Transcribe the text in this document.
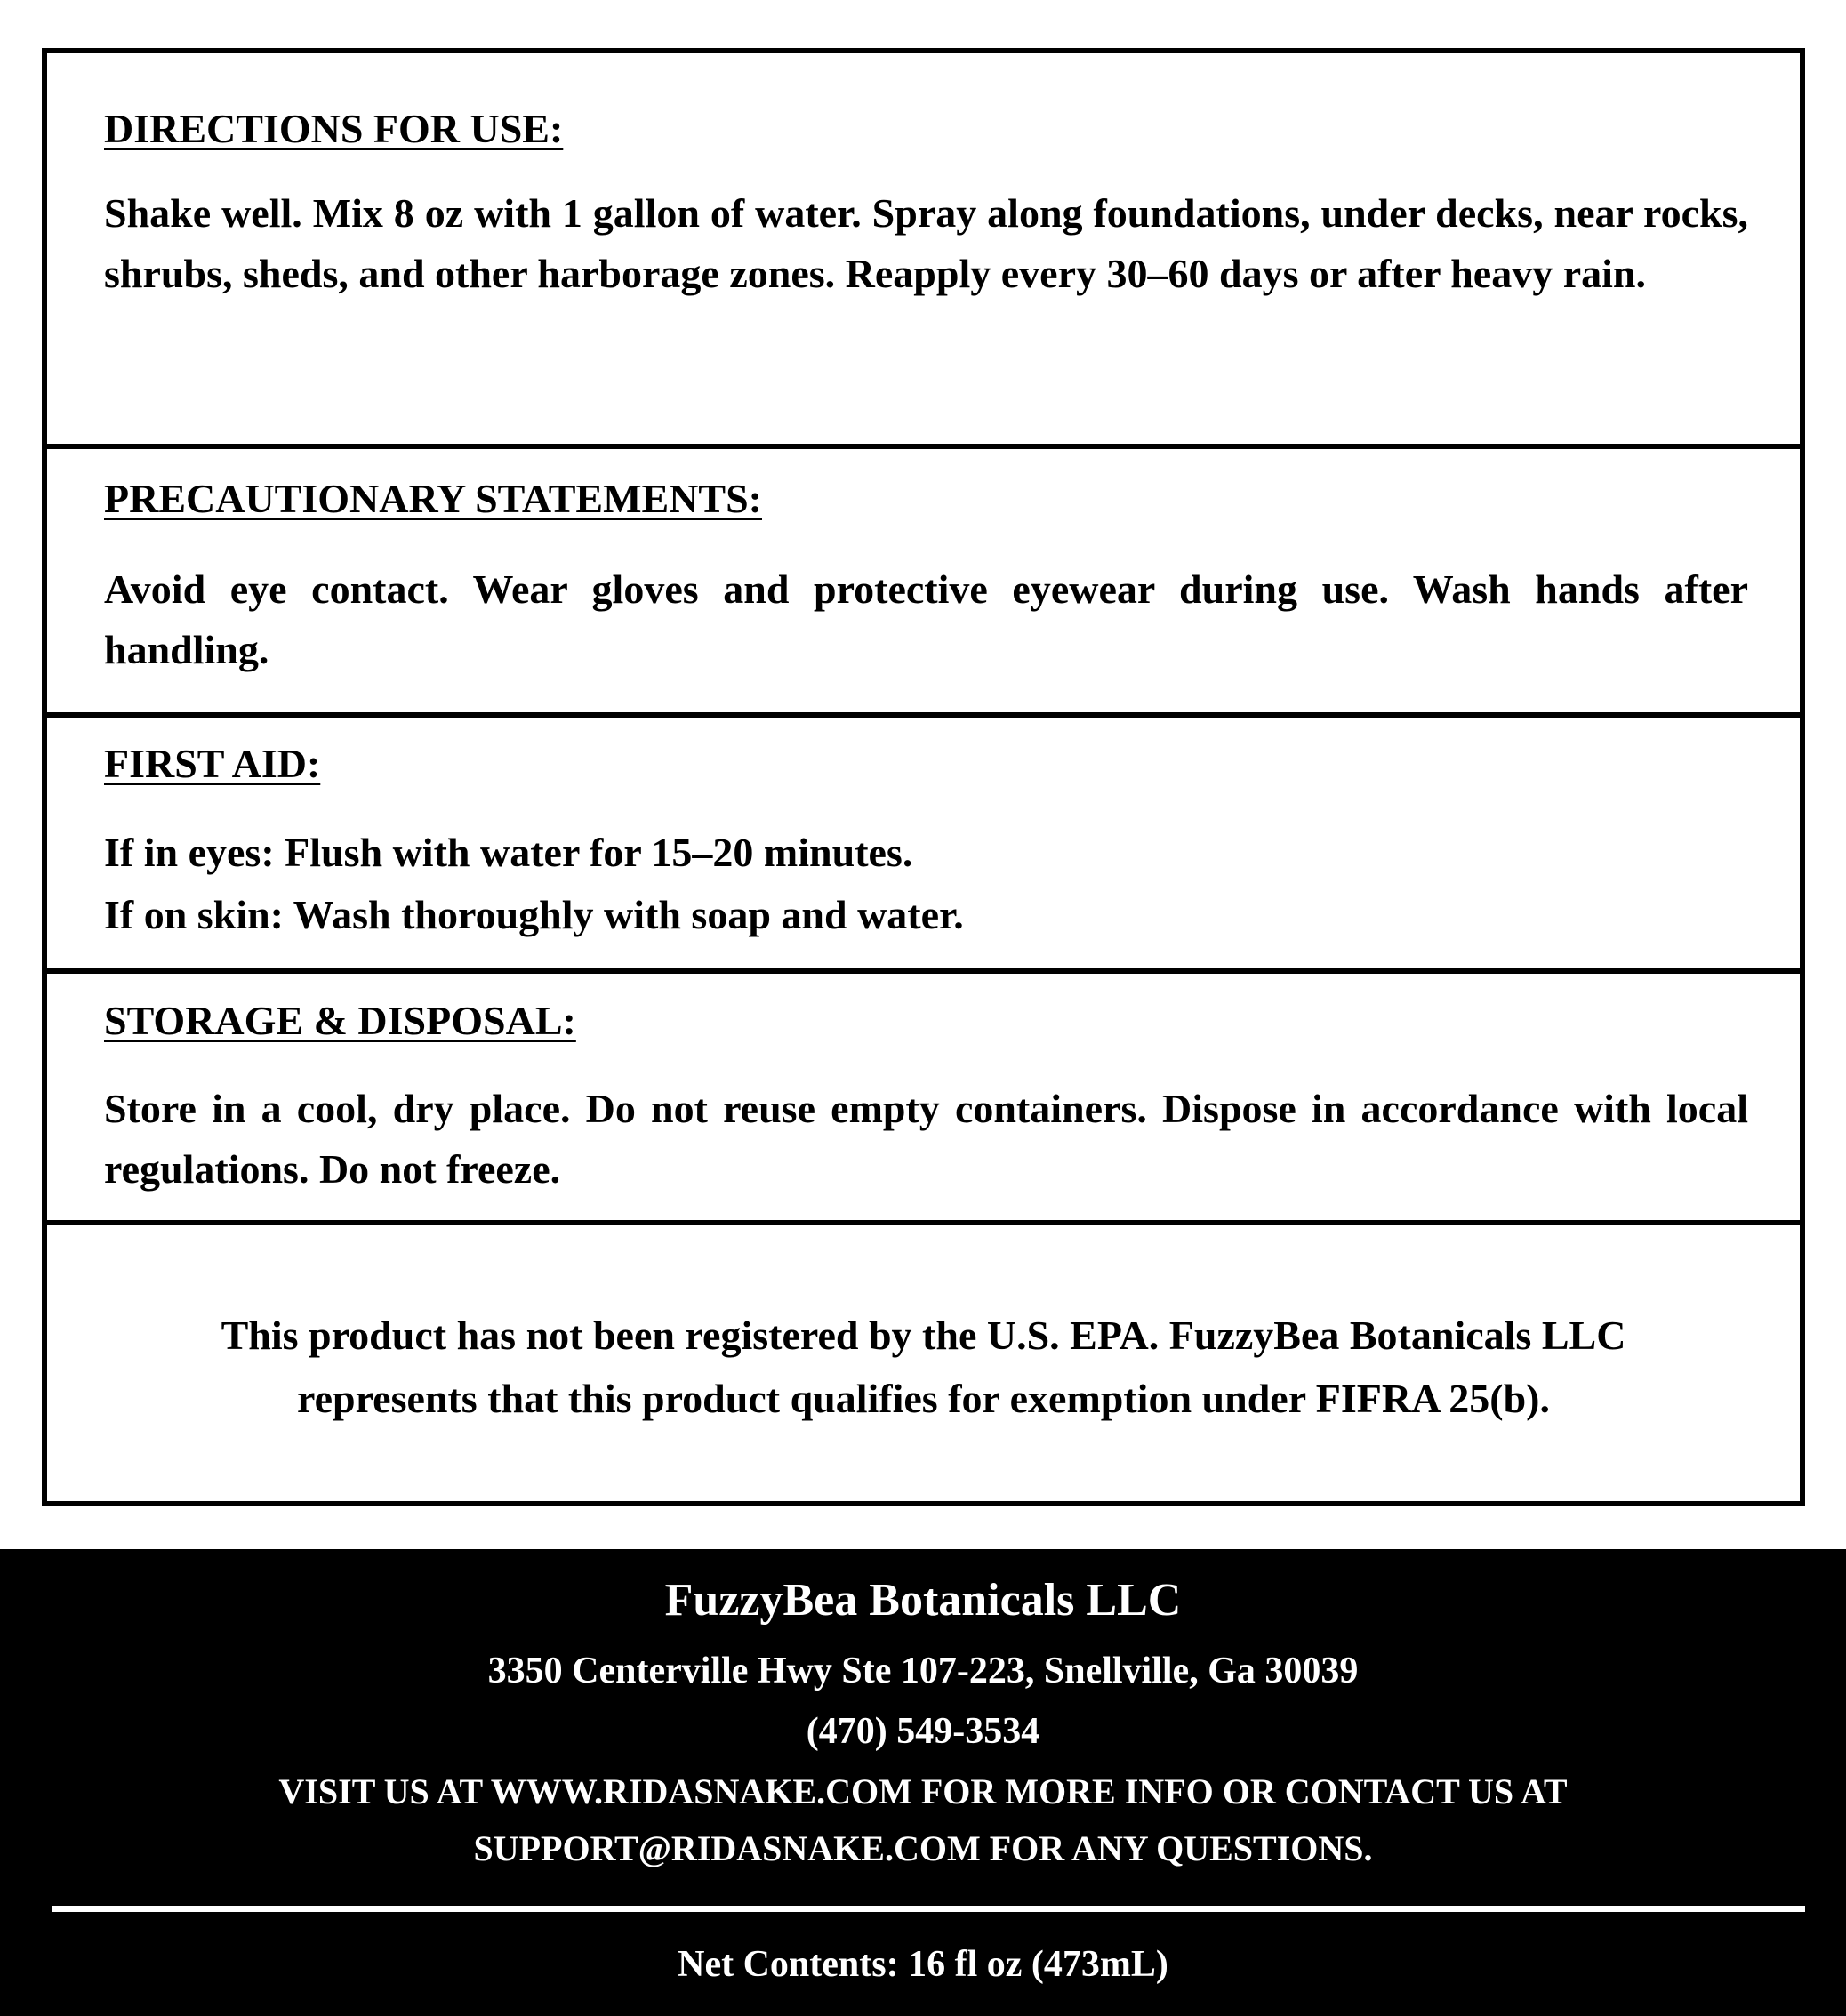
DIRECTIONS FOR USE:

Shake well. Mix 8 oz with 1 gallon of water. Spray along foundations, under decks, near rocks, shrubs, sheds, and other harborage zones. Reapply every 30–60 days or after heavy rain.

PRECAUTIONARY STATEMENTS:

Avoid eye contact. Wear gloves and protective eyewear during use. Wash hands after handling.

FIRST AID:

If in eyes: Flush with water for 15–20 minutes.

If on skin: Wash thoroughly with soap and water.

STORAGE & DISPOSAL:

Store in a cool, dry place. Do not reuse empty containers. Dispose in accordance with local regulations. Do not freeze.

This product has not been registered by the U.S. EPA. FuzzyBea Botanicals LLC

represents that this product qualifies for exemption under FIFRA 25(b).

FuzzyBea Botanicals LLC
3350 Centerville Hwy Ste 107-223, Snellville, Ga 30039
(470) 549-3534
VISIT US AT WWW.RIDASNAKE.COM FOR MORE INFO OR CONTACT US AT
SUPPORT@RIDASNAKE.COM FOR ANY QUESTIONS.
Net Contents: 16 fl oz (473mL)
